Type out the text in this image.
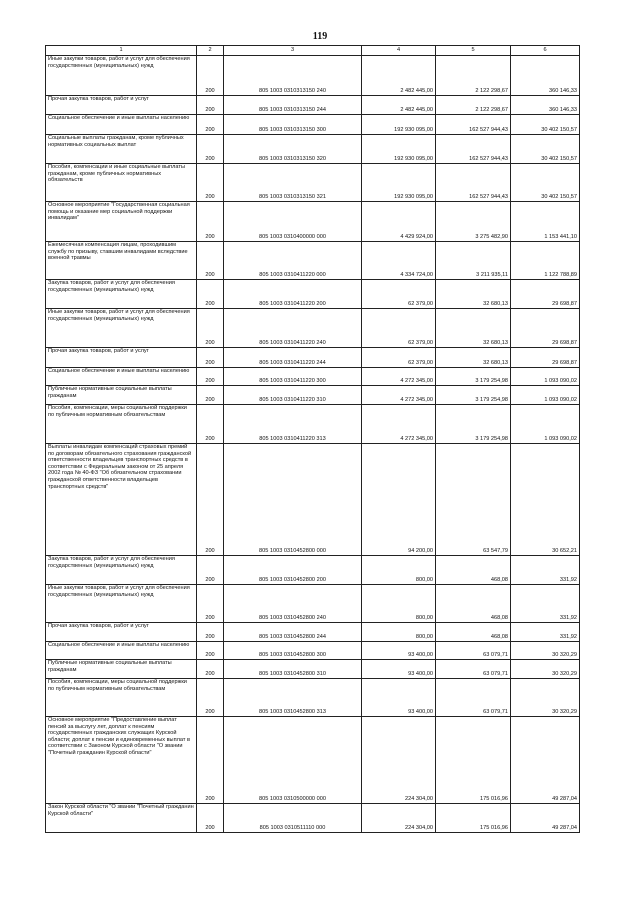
119
1	2	3	4	5	6
Иные закупки товаров, работ и услуг для обеспечения государственных (муниципальных) нужд	200	805 1003 0310313150 240	2 482 445,00	2 122 298,67	360 146,33
Прочая закупка товаров, работ и услуг	200	805 1003 0310313150 244	2 482 445,00	2 122 298,67	360 146,33
Социальное обеспечение и иные выплаты населению	200	805 1003 0310313150 300	192 930 095,00	162 527 944,43	30 402 150,57
Социальные выплаты гражданам, кроме публичных нормативных социальных выплат	200	805 1003 0310313150 320	192 930 095,00	162 527 944,43	30 402 150,57
Пособия, компенсации и иные социальные выплаты гражданам, кроме публичных нормативных обязательств	200	805 1003 0310313150 321	192 930 095,00	162 527 944,43	30 402 150,57
Основное мероприятие "Государственная социальная помощь и оказание мер социальной поддержки инвалидам"	200	805 1003 0310400000 000	4 429 924,00	3 275 482,90	1 153 441,10
Ежемесячная компенсация лицам, проходившим службу по призыву, ставшим инвалидами вследствие военной травмы	200	805 1003 0310411220 000	4 334 724,00	3 211 935,11	1 122 788,89
Закупка товаров, работ и услуг для обеспечения государственных (муниципальных) нужд	200	805 1003 0310411220 200	62 379,00	32 680,13	29 698,87
Иные закупки товаров, работ и услуг для обеспечения государственных (муниципальных) нужд	200	805 1003 0310411220 240	62 379,00	32 680,13	29 698,87
Прочая закупка товаров, работ и услуг	200	805 1003 0310411220 244	62 379,00	32 680,13	29 698,87
Социальное обеспечение и иные выплаты населению	200	805 1003 0310411220 300	4 272 345,00	3 179 254,98	1 093 090,02
Публичные нормативные социальные выплаты гражданам	200	805 1003 0310411220 310	4 272 345,00	3 179 254,98	1 093 090,02
Пособия, компенсации, меры социальной поддержки по публичным нормативным обязательствам	200	805 1003 0310411220 313	4 272 345,00	3 179 254,98	1 093 090,02
Выплаты инвалидам компенсаций страховых премий по договорам обязательного страхования гражданской ответственности владельцев транспортных средств в соответствии с Федеральным законом от 25 апреля 2002 года № 40-ФЗ "Об обязательном страховании гражданской ответственности владельцев транспортных средств"	200	805 1003 0310452800 000	94 200,00	63 547,79	30 652,21
Закупка товаров, работ и услуг для обеспечения государственных (муниципальных) нужд	200	805 1003 0310452800 200	800,00	468,08	331,92
Иные закупки товаров, работ и услуг для обеспечения государственных (муниципальных) нужд	200	805 1003 0310452800 240	800,00	468,08	331,92
Прочая закупка товаров, работ и услуг	200	805 1003 0310452800 244	800,00	468,08	331,92
Социальное обеспечение и иные выплаты населению	200	805 1003 0310452800 300	93 400,00	63 079,71	30 320,29
Публичные нормативные социальные выплаты гражданам	200	805 1003 0310452800 310	93 400,00	63 079,71	30 320,29
Пособия, компенсации, меры социальной поддержки по публичным нормативным обязательствам	200	805 1003 0310452800 313	93 400,00	63 079,71	30 320,29
Основное мероприятие "Предоставление выплат пенсий за выслугу лет, доплат к пенсиям государственных гражданских служащих Курской области; доплат к пенсии и единовременных выплат в соответствии с Законом Курской области "О звании "Почетный гражданин Курской области"	200	805 1003 0310500000 000	224 304,00	175 016,96	49 287,04
Закон Курской области "О звании "Почетный гражданин Курской области"	200	805 1003 0310511110 000	224 304,00	175 016,96	49 287,04
